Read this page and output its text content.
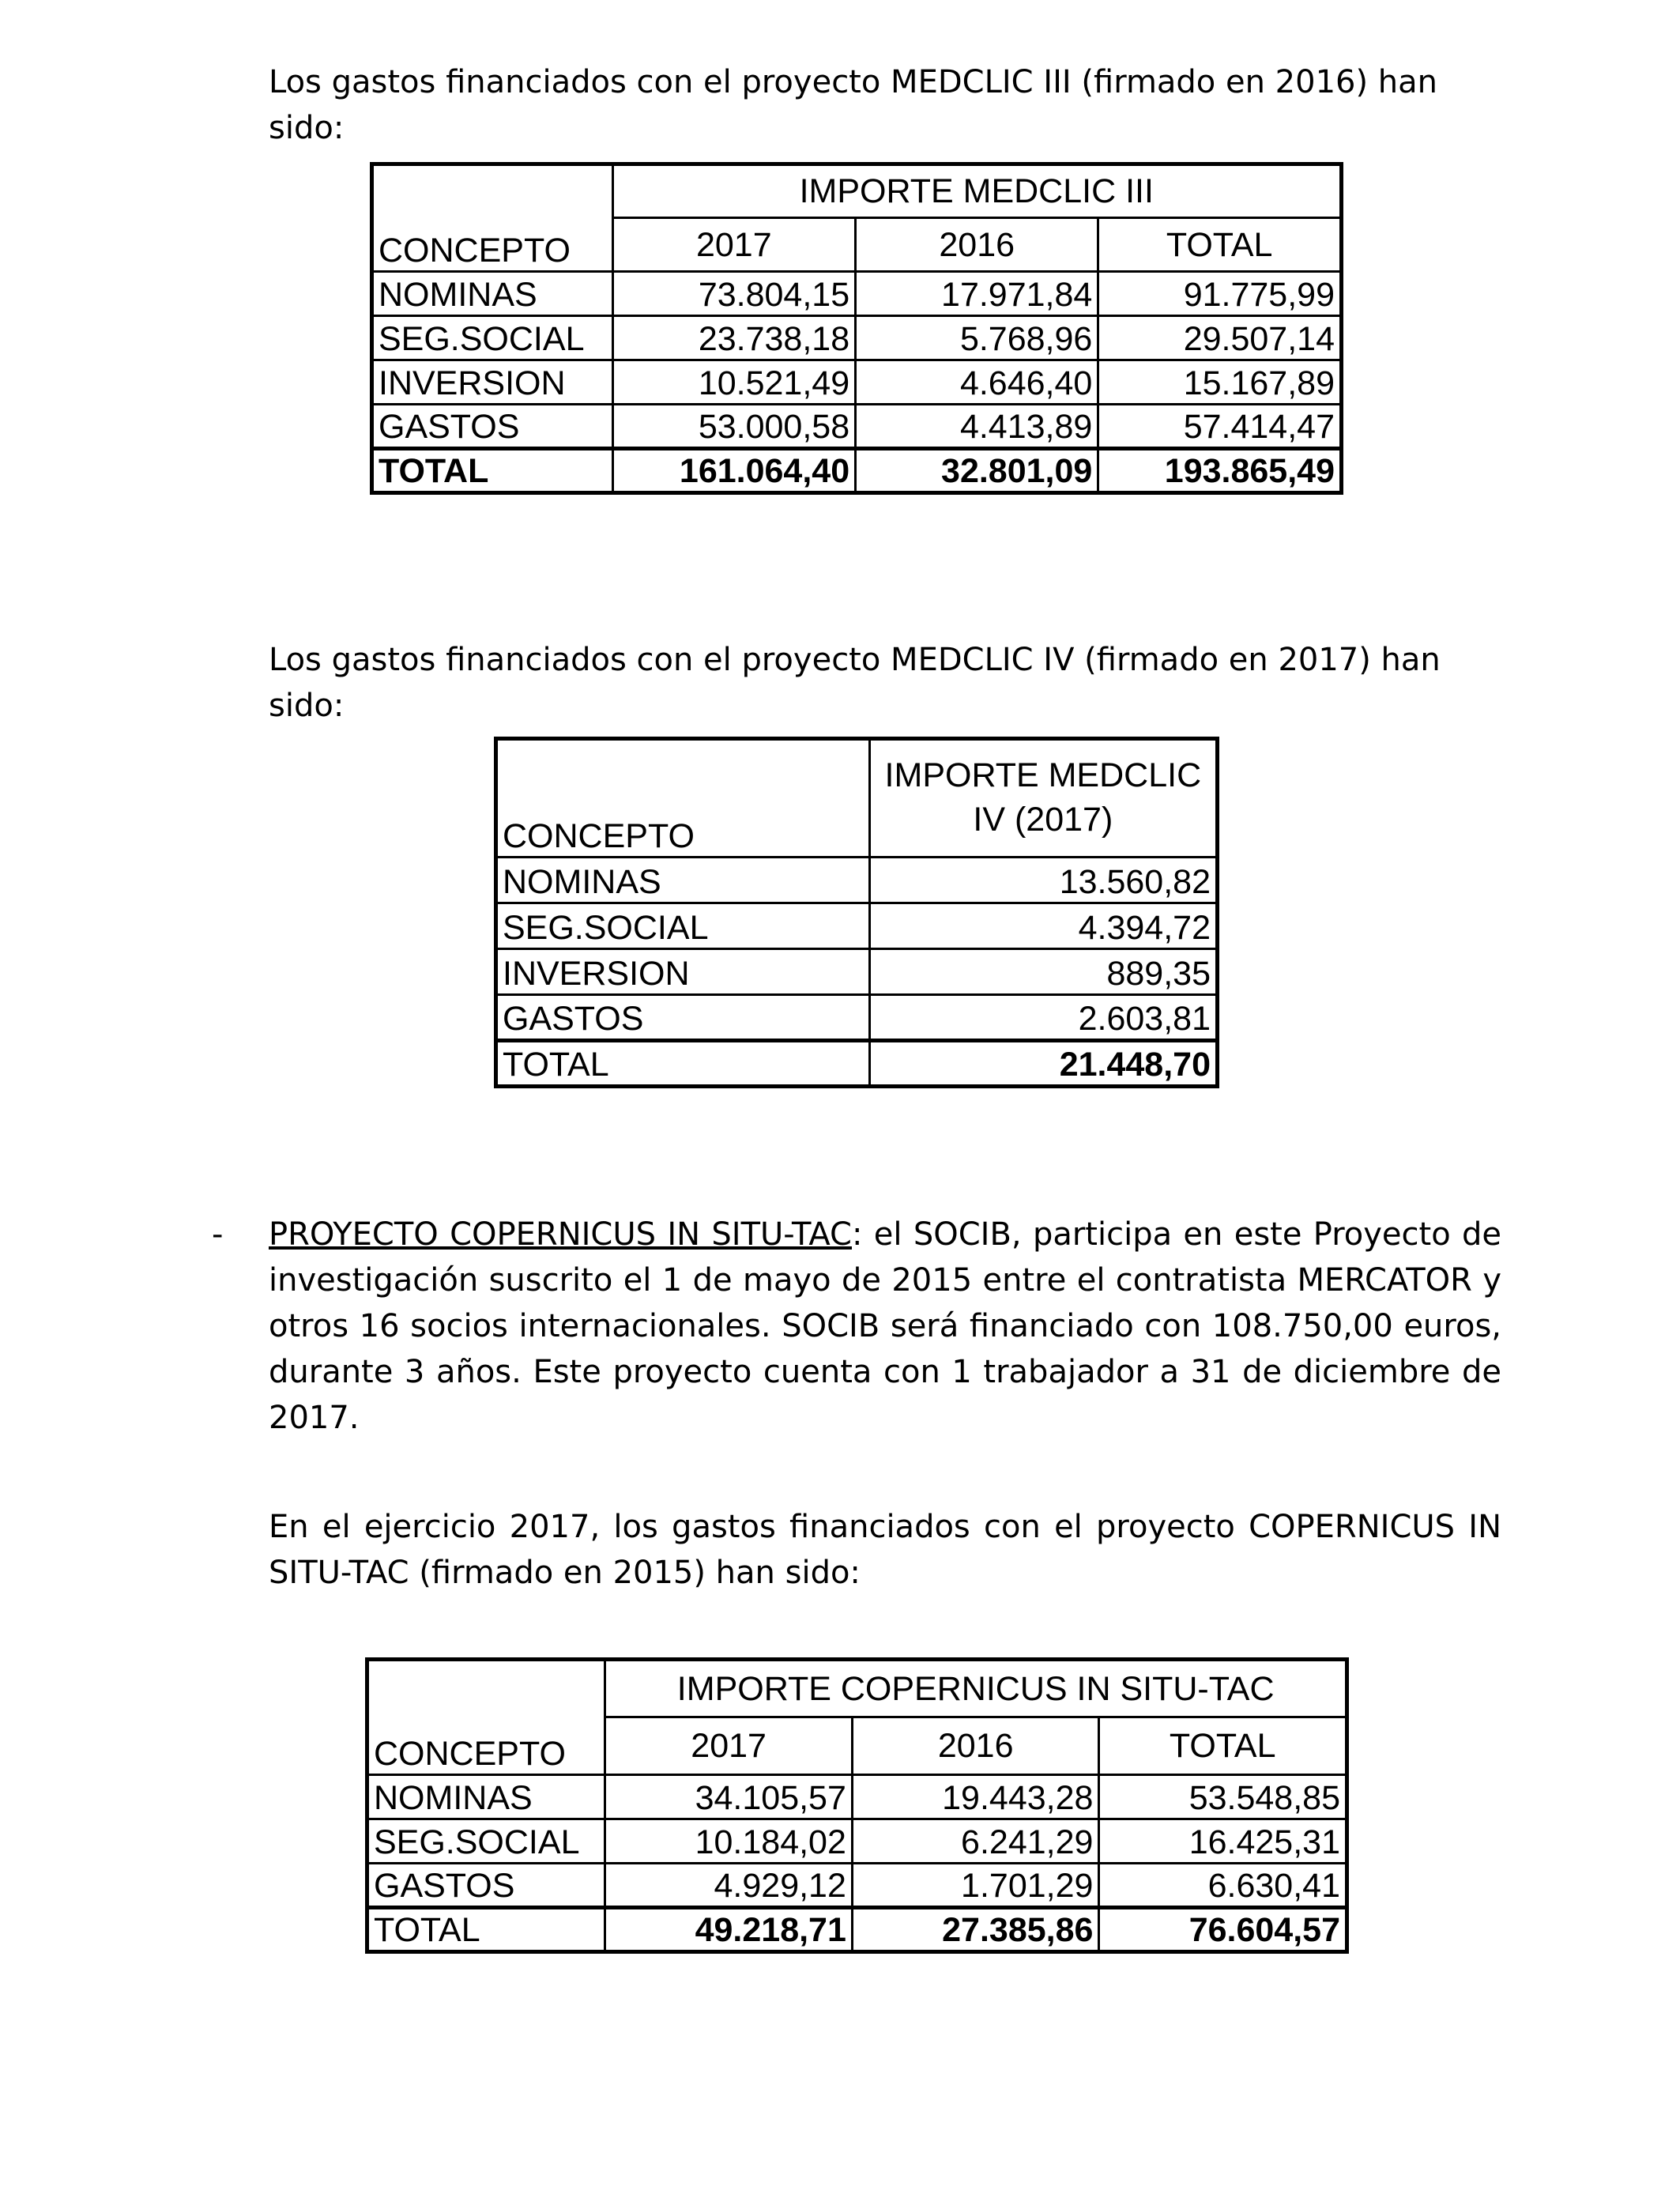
Los gastos financiados con el proyecto MEDCLIC III (firmado en 2016) han sido:

CONCEPTO	IMPORTE MEDCLIC III		
	2017	2016	TOTAL
NOMINAS	73.804,15	17.971,84	91.775,99
SEG.SOCIAL	23.738,18	5.768,96	29.507,14
INVERSION	10.521,49	4.646,40	15.167,89
GASTOS	53.000,58	4.413,89	57.414,47
TOTAL	161.064,40	32.801,09	193.865,49

Los gastos financiados con el proyecto MEDCLIC IV (firmado en 2017) han sido:

CONCEPTO	IMPORTE MEDCLIC IV (2017)
NOMINAS	13.560,82
SEG.SOCIAL	4.394,72
INVERSION	889,35
GASTOS	2.603,81
TOTAL	21.448,70
- PROYECTO COPERNICUS IN SITU-TAC: el SOCIB, participa en este Proyecto de investigación suscrito el 1 de mayo de 2015 entre el contratista MERCATOR y otros 16 socios internacionales. SOCIB será financiado con 108.750,00 euros, durante 3 años. Este proyecto cuenta con 1 trabajador a 31 de diciembre de 2017.

En el ejercicio 2017, los gastos financiados con el proyecto COPERNICUS IN SITU-TAC (firmado en 2015) han sido:

CONCEPTO	IMPORTE COPERNICUS IN SITU-TAC		
	2017	2016	TOTAL
NOMINAS	34.105,57	19.443,28	53.548,85
SEG.SOCIAL	10.184,02	6.241,29	16.425,31
GASTOS	4.929,12	1.701,29	6.630,41
TOTAL	49.218,71	27.385,86	76.604,57
